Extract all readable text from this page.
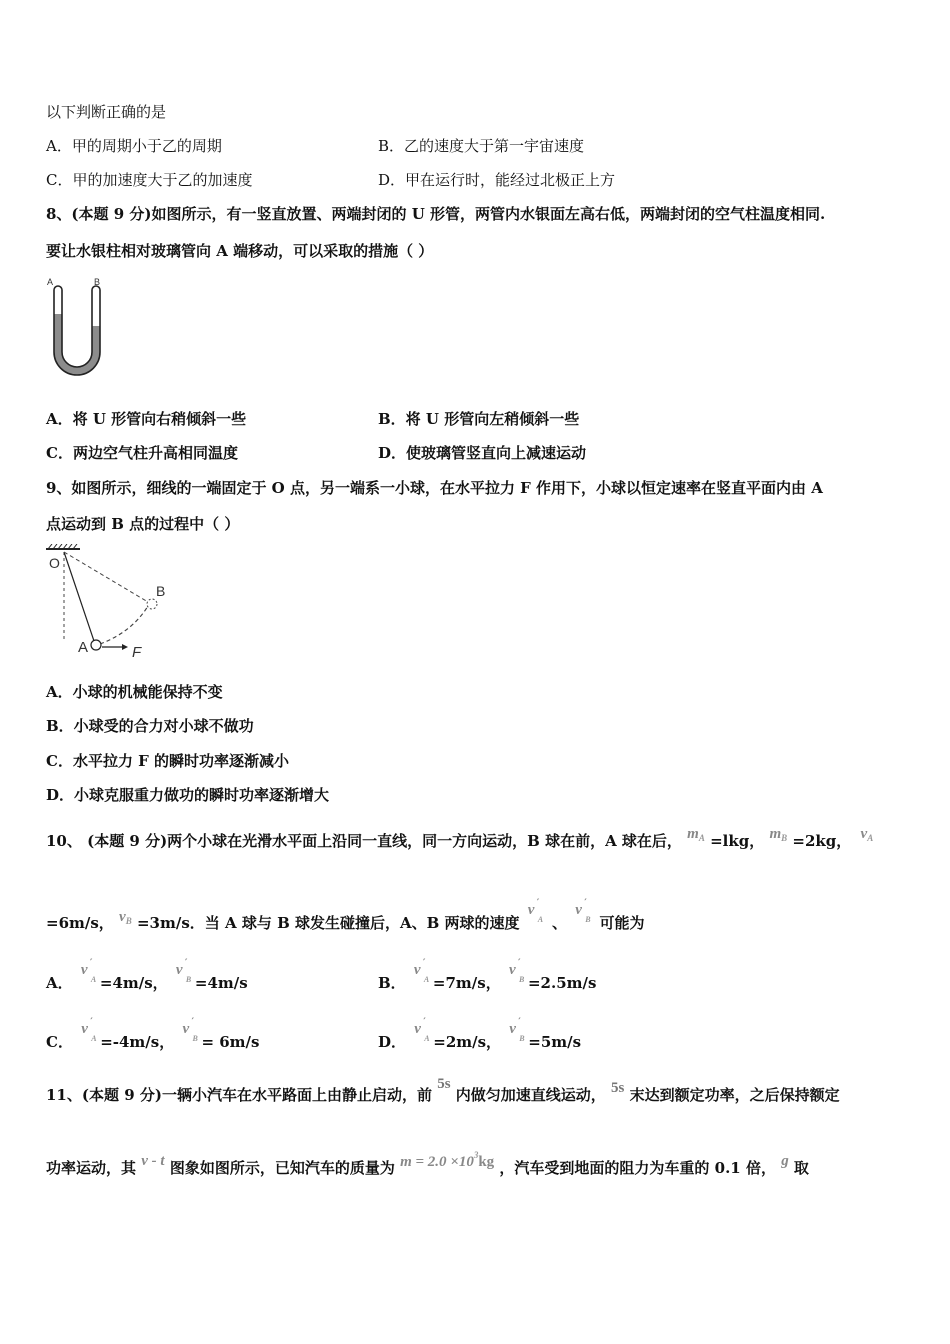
以下判断正确的是
A．甲的周期小于乙的周期	B．乙的速度大于第一宇宙速度
C．甲的加速度大于乙的加速度	D．甲在运行时，能经过北极正上方
8、(本题 9 分)如图所示，有一竖直放置、两端封闭的 U 形管，两管内水银面左高右低，两端封闭的空气柱温度相同.
要让水银柱相对玻璃管向 A 端移动，可以采取的措施（ ）
A	B
A．将 U 形管向右稍倾斜一些	B．将 U 形管向左稍倾斜一些
C．两边空气柱升高相同温度	D．使玻璃管竖直向上减速运动
9、如图所示，细线的一端固定于 O 点，另一端系一小球，在水平拉力 F 作用下，小球以恒定速率在竖直平面内由 A
点运动到 B 点的过程中（ ）
O
B
A	F
A．小球的机械能保持不变
B．小球受的合力对小球不做功
C．水平拉力 F 的瞬时功率逐渐减小
D．小球克服重力做功的瞬时功率逐渐增大
10、 (本题 9 分)两个小球在光滑水平面上沿同一直线，同一方向运动，B 球在前，A 球在后， $m_A =lkg$， $m_B =2kg$， $v_A$
=6m/s， $v_B =3m/s$．当 A 球与 B 球发生碰撞后，A、B 两球的速度
v ′
A 、
v ′
B 可能为
A．
v ′
A =4m/s，
v ′
B =4m/s	B．
v ′
A =7m/s，
v ′
B =2.5m/s
C．
v ′
A =-4m/s，
v ′
B = 6m/s	D．
v ′
A =2m/s，
v ′
B =5m/s
11、(本题 9 分)一辆小汽车在水平路面上由静止启动，前 5s 内做匀加速直线运动， 5s 末达到额定功率，之后保持额定
功率运动，其 v - t 图象如图所示，已知汽车的质量为 $m = 2.0 \times 10^3kg$ ，汽车受到地面的阻力为车重的 0.1 倍， g 取
